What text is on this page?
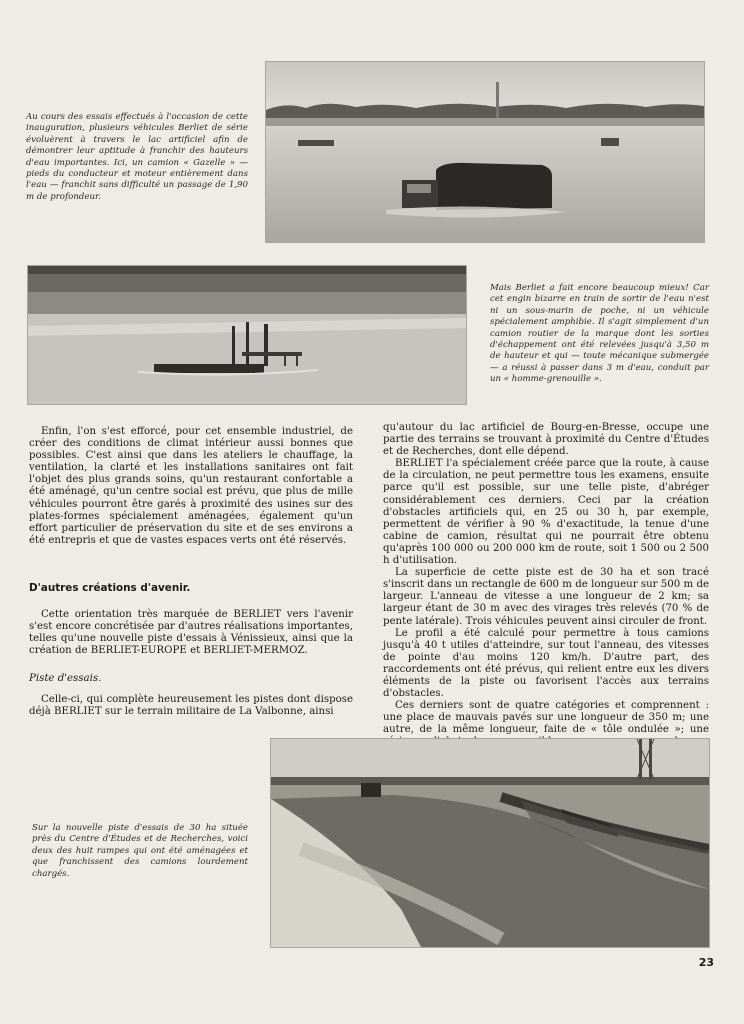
Au cours des essais effectués à l'occasion de cette inauguration, plusieurs véhicules Berliet de série évoluèrent à travers le lac artificiel afin de démontrer leur aptitude à franchir des hauteurs d'eau importantes. Ici, un camion « Gazelle » — pieds du conducteur et moteur entièrement dans l'eau — franchit sans difficulté un passage de 1,90 m de profondeur.
Mais Berliet a fait encore beaucoup mieux! Car cet engin bizarre en train de sortir de l'eau n'est ni un sous-marin de poche, ni un véhicule spécialement amphibie. Il s'agit simplement d'un camion routier de la marque dont les sorties d'échappement ont été relevées jusqu'à 3,50 m de hauteur et qui — toute mécanique submergée — a réussi à passer dans 3 m d'eau, conduit par un « homme-grenouille ».

Enfin, l'on s'est efforcé, pour cet ensemble industriel, de créer des conditions de climat intérieur aussi bonnes que possibles. C'est ainsi que dans les ateliers le chauffage, la ventilation, la clarté et les installations sanitaires ont fait l'objet des plus grands soins, qu'un restaurant confortable a été aménagé, qu'un centre social est prévu, que plus de mille véhicules pourront être garés à proximité des usines sur des plates-formes spécialement aménagées, également qu'un effort particulier de préservation du site et de ses environs a été entrepris et que de vastes espaces verts ont été réservés.

D'autres créations d'avenir.

Cette orientation très marquée de BERLIET vers l'avenir s'est encore concrétisée par d'autres réalisations importantes, telles qu'une nouvelle piste d'essais à Vénissieux, ainsi que la création de BERLIET-EUROPE et BERLIET-MERMOZ.

Piste d'essais.

Celle-ci, qui complète heureusement les pistes dont dispose déjà BERLIET sur le terrain militaire de La Valbonne, ainsi

qu'autour du lac artificiel de Bourg-en-Bresse, occupe une partie des terrains se trouvant à proximité du Centre d'Études et de Recherches, dont elle dépend.

BERLIET l'a spécialement créée parce que la route, à cause de la circulation, ne peut permettre tous les examens, ensuite parce qu'il est possible, sur une telle piste, d'abréger considérablement ces derniers. Ceci par la création d'obstacles artificiels qui, en 25 ou 30 h, par exemple, permettent de vérifier à 90 % d'exactitude, la tenue d'une cabine de camion, résultat qui ne pourrait être obtenu qu'après 100 000 ou 200 000 km de route, soit 1 500 ou 2 500 h d'utilisation.

La superficie de cette piste est de 30 ha et son tracé s'inscrit dans un rectangle de 600 m de longueur sur 500 m de largeur. L'anneau de vitesse a une longueur de 2 km; sa largeur étant de 30 m avec des virages très relevés (70 % de pente latérale). Trois véhicules peuvent ainsi circuler de front.

Le profil a été calculé pour permettre à tous camions jusqu'à 40 t utiles d'atteindre, sur tout l'anneau, des vitesses de pointe d'au moins 120 km/h. D'autre part, des raccordements ont été prévus, qui relient entre eux les divers éléments de la piste ou favorisent l'accès aux terrains d'obstacles.

Ces derniers sont de quatre catégories et comprennent : une place de mauvais pavés sur une longueur de 350 m; une autre, de la même longueur, faite de « tôle ondulée »; une

Sur la nouvelle piste d'essais de 30 ha située près du Centre d'Études et de Recherches, voici deux des huit rampes qui ont été aménagées et que franchissent des camions lourdement chargés.
23
